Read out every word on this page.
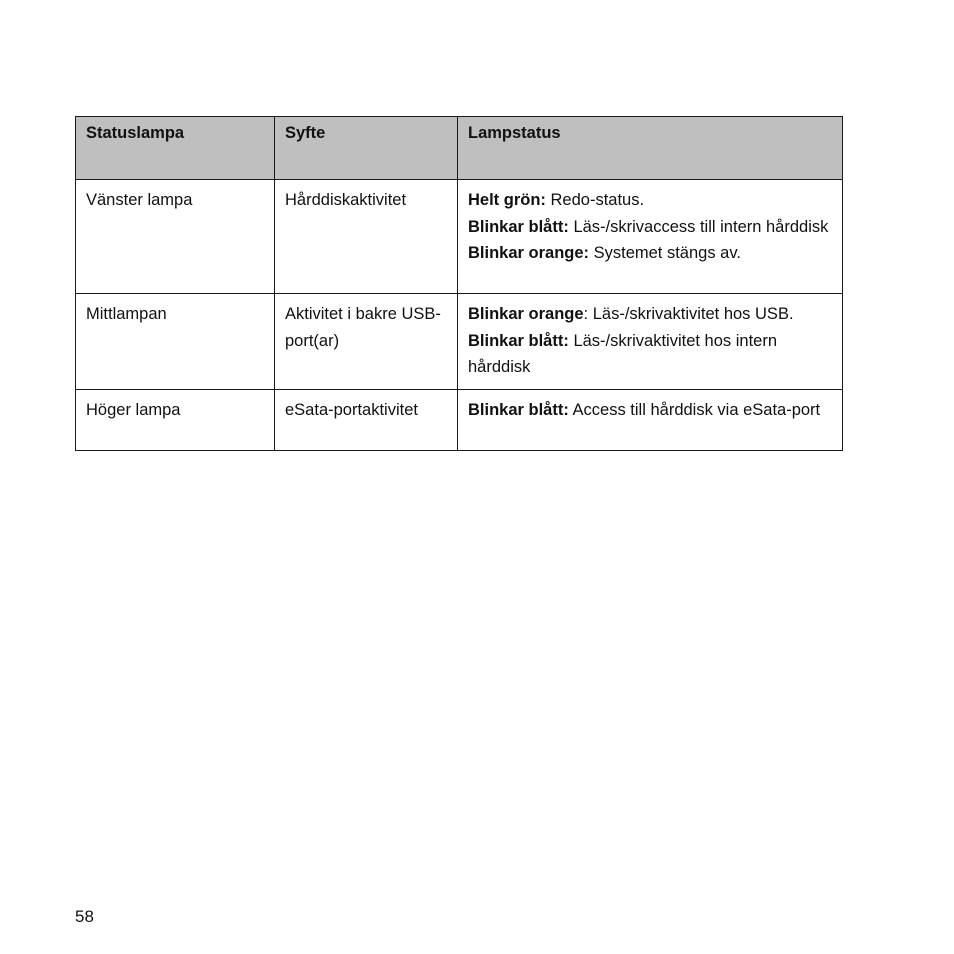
Statuslampa	Syfte	Lampstatus
Vänster lampa	Hårddiskaktivitet	Helt grön: Redo-status.
Blinkar blått: Läs-/skrivaccess till intern hårddisk
Blinkar orange: Systemet stängs av.

Mittlampan	Aktivitet i bakre USB-port(ar)	Blinkar orange: Läs-/skrivaktivitet hos USB.
Blinkar blått: Läs-/skrivaktivitet hos intern hårddisk

Höger lampa	eSata-portaktivitet	Blinkar blått: Access till hårddisk via eSata-port
58
